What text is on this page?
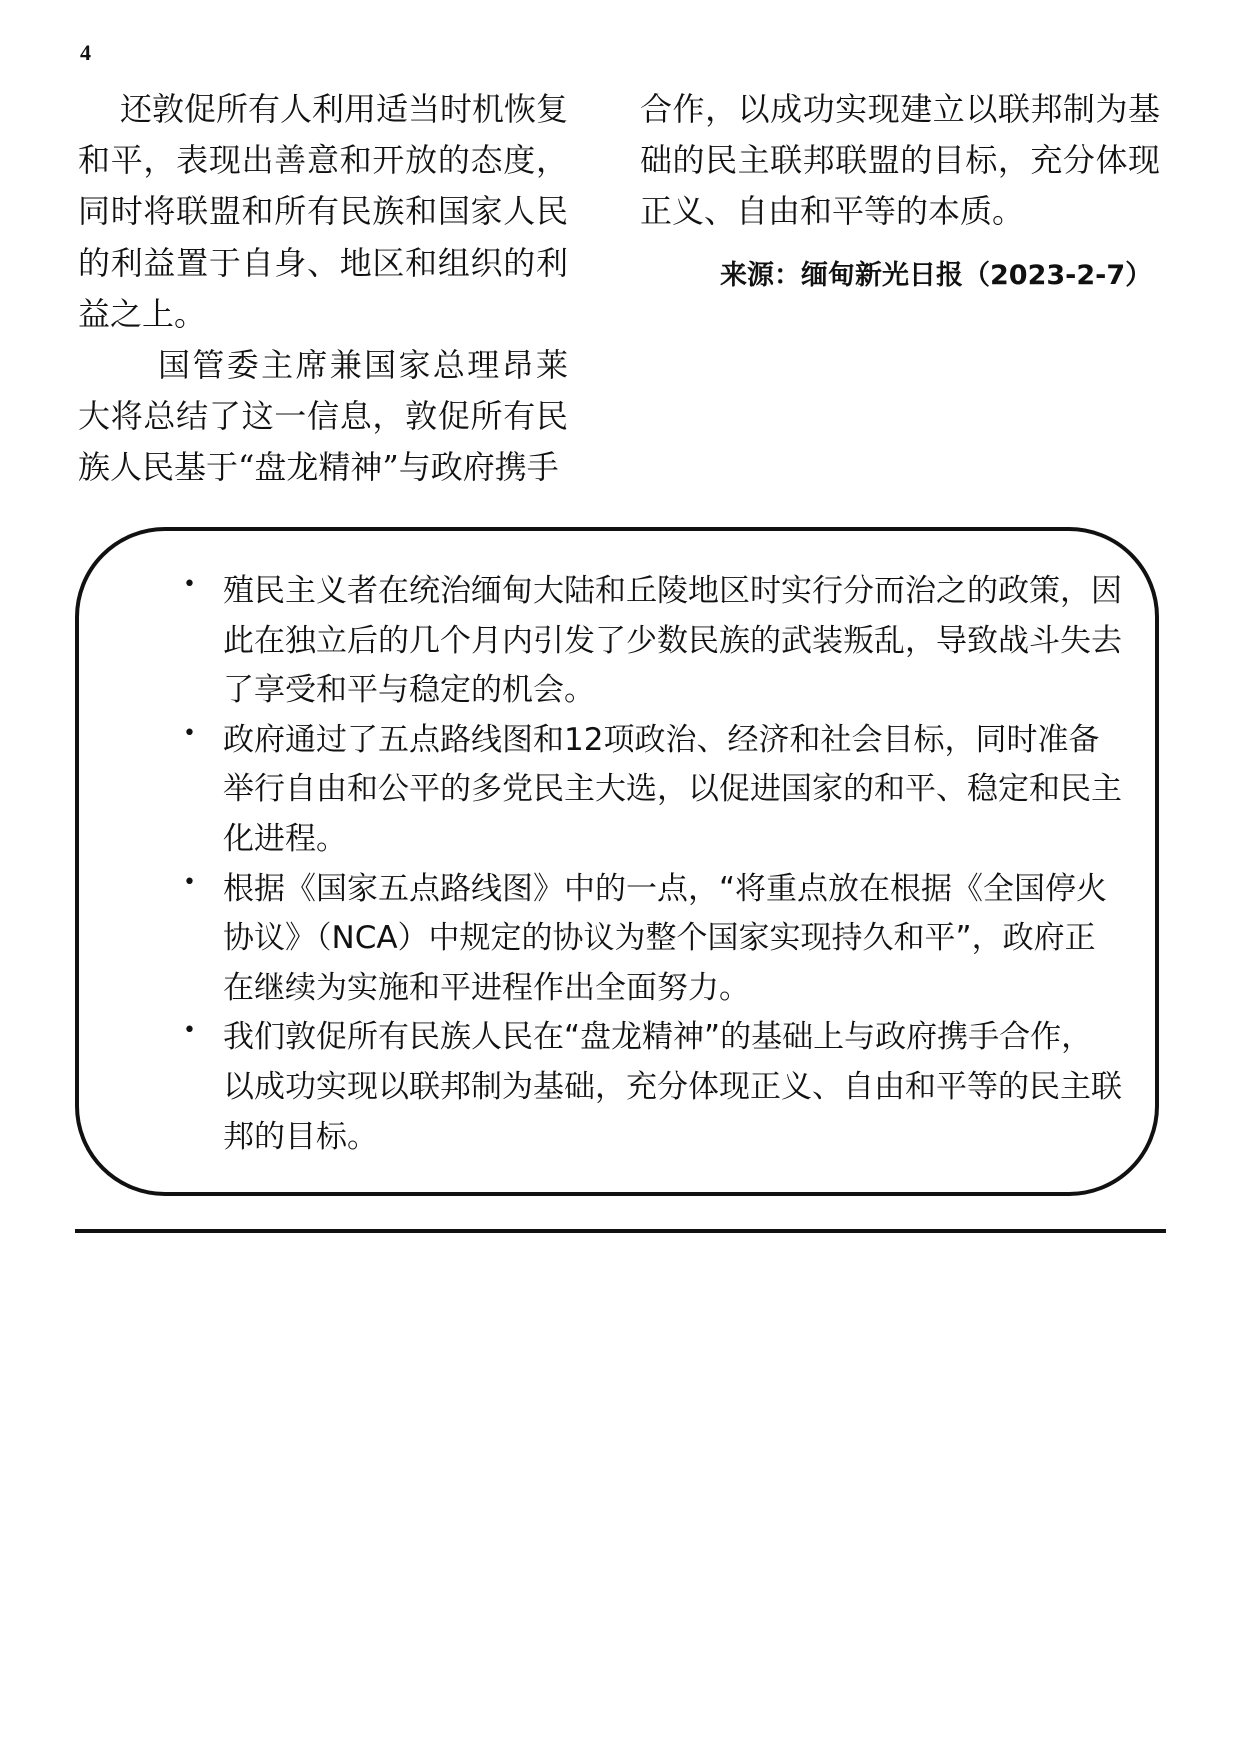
4

还敦促所有人利用适当时机恢复和平，表现出善意和开放的态度，同时将联盟和所有民族和国家人民的利益置于自身、地区和组织的利益之上。

国管委主席兼国家总理昂莱大将总结了这一信息，敦促所有民族人民基于“盘龙精神”与政府携手

合作，以成功实现建立以联邦制为基础的民主联邦联盟的目标，充分体现正义、自由和平等的本质。

来源：缅甸新光日报（2023-2-7）
• 殖民主义者在统治缅甸大陆和丘陵地区时实行分而治之的政策，因此在独立后的几个月内引发了少数民族的武装叛乱，导致战斗失去了享受和平与稳定的机会。
• 政府通过了五点路线图和12项政治、经济和社会目标，同时准备举行自由和公平的多党民主大选，以促进国家的和平、稳定和民主化进程。
• 根据《国家五点路线图》中的一点，“将重点放在根据《全国停火协议》（NCA）中规定的协议为整个国家实现持久和平”，政府正在继续为实施和平进程作出全面努力。
• 我们敦促所有民族人民在“盘龙精神”的基础上与政府携手合作，以成功实现以联邦制为基础，充分体现正义、自由和平等的民主联邦的目标。
